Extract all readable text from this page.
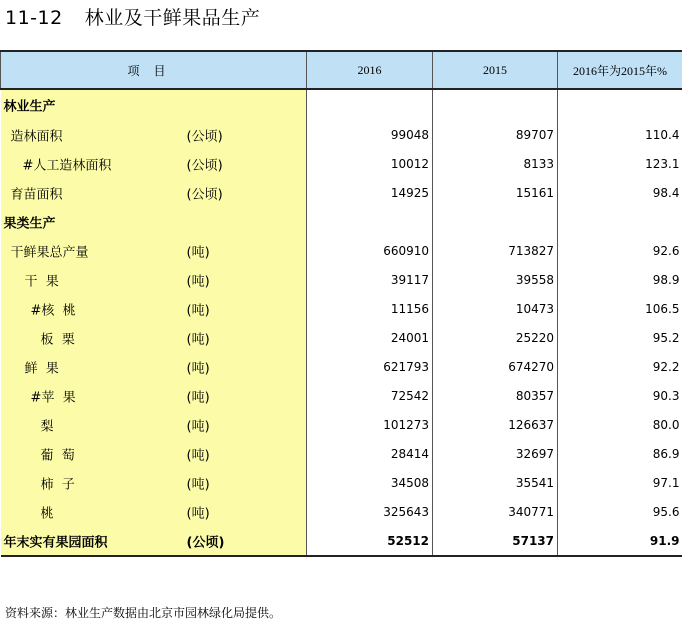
11-12 林业及干鲜果品生产
项目	2016	2015	2016年为2015年%

林业生产			

造林面积 (公顷)	99048	89707	110.4

#人工造林面积 (公顷)	10012	8133	123.1

育苗面积 (公顷)	14925	15161	98.4

果类生产			

干鲜果总产量 (吨)	660910	713827	92.6

干  果 (吨)	39117	39558	98.9

#核  桃 (吨)	11156	10473	106.5

板  栗 (吨)	24001	25220	95.2

鲜  果 (吨)	621793	674270	92.2

#苹  果 (吨)	72542	80357	90.3

梨 (吨)	101273	126637	80.0

葡  萄 (吨)	28414	32697	86.9

柿  子 (吨)	34508	35541	97.1

桃 (吨)	325643	340771	95.6

年末实有果园面积 (公顷)	52512	57137	91.9
资料来源：林业生产数据由北京市园林绿化局提供。
